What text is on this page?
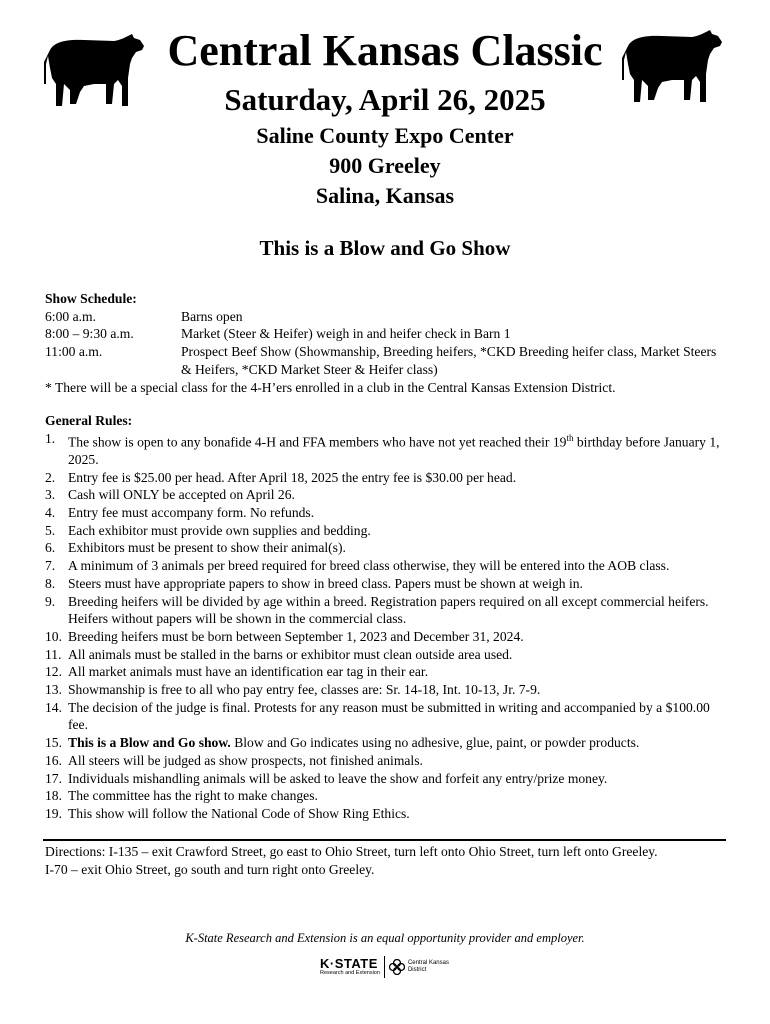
Central Kansas Classic
Saturday, April 26, 2025
Saline County Expo Center
900 Greeley
Salina, Kansas
This is a Blow and Go Show
Show Schedule:
6:00 a.m.	Barns open
8:00 – 9:30 a.m.	Market (Steer & Heifer) weigh in and heifer check in Barn 1
11:00 a.m.	Prospect Beef Show (Showmanship, Breeding heifers, *CKD Breeding heifer class, Market Steers & Heifers, *CKD Market Steer & Heifer class)
* There will be a special class for the 4-H’ers enrolled in a club in the Central Kansas Extension District.
General Rules:
1. The show is open to any bonafide 4-H and FFA members who have not yet reached their 19th birthday before January 1, 2025.
2. Entry fee is $25.00 per head. After April 18, 2025 the entry fee is $30.00 per head.
3. Cash will ONLY be accepted on April 26.
4. Entry fee must accompany form. No refunds.
5. Each exhibitor must provide own supplies and bedding.
6. Exhibitors must be present to show their animal(s).
7. A minimum of 3 animals per breed required for breed class otherwise, they will be entered into the AOB class.
8. Steers must have appropriate papers to show in breed class. Papers must be shown at weigh in.
9. Breeding heifers will be divided by age within a breed. Registration papers required on all except commercial heifers. Heifers without papers will be shown in the commercial class.
10. Breeding heifers must be born between September 1, 2023 and December 31, 2024.
11. All animals must be stalled in the barns or exhibitor must clean outside area used.
12. All market animals must have an identification ear tag in their ear.
13. Showmanship is free to all who pay entry fee, classes are: Sr. 14-18, Int. 10-13, Jr. 7-9.
14. The decision of the judge is final. Protests for any reason must be submitted in writing and accompanied by a $100.00 fee.
15. This is a Blow and Go show. Blow and Go indicates using no adhesive, glue, paint, or powder products.
16. All steers will be judged as show prospects, not finished animals.
17. Individuals mishandling animals will be asked to leave the show and forfeit any entry/prize money.
18. The committee has the right to make changes.
19. This show will follow the National Code of Show Ring Ethics.
Directions: I-135 – exit Crawford Street, go east to Ohio Street, turn left onto Ohio Street, turn left onto Greeley.
I-70 – exit Ohio Street, go south and turn right onto Greeley.
K-State Research and Extension is an equal opportunity provider and employer.
K·STATE
Research and Extension
Central Kansas
District
